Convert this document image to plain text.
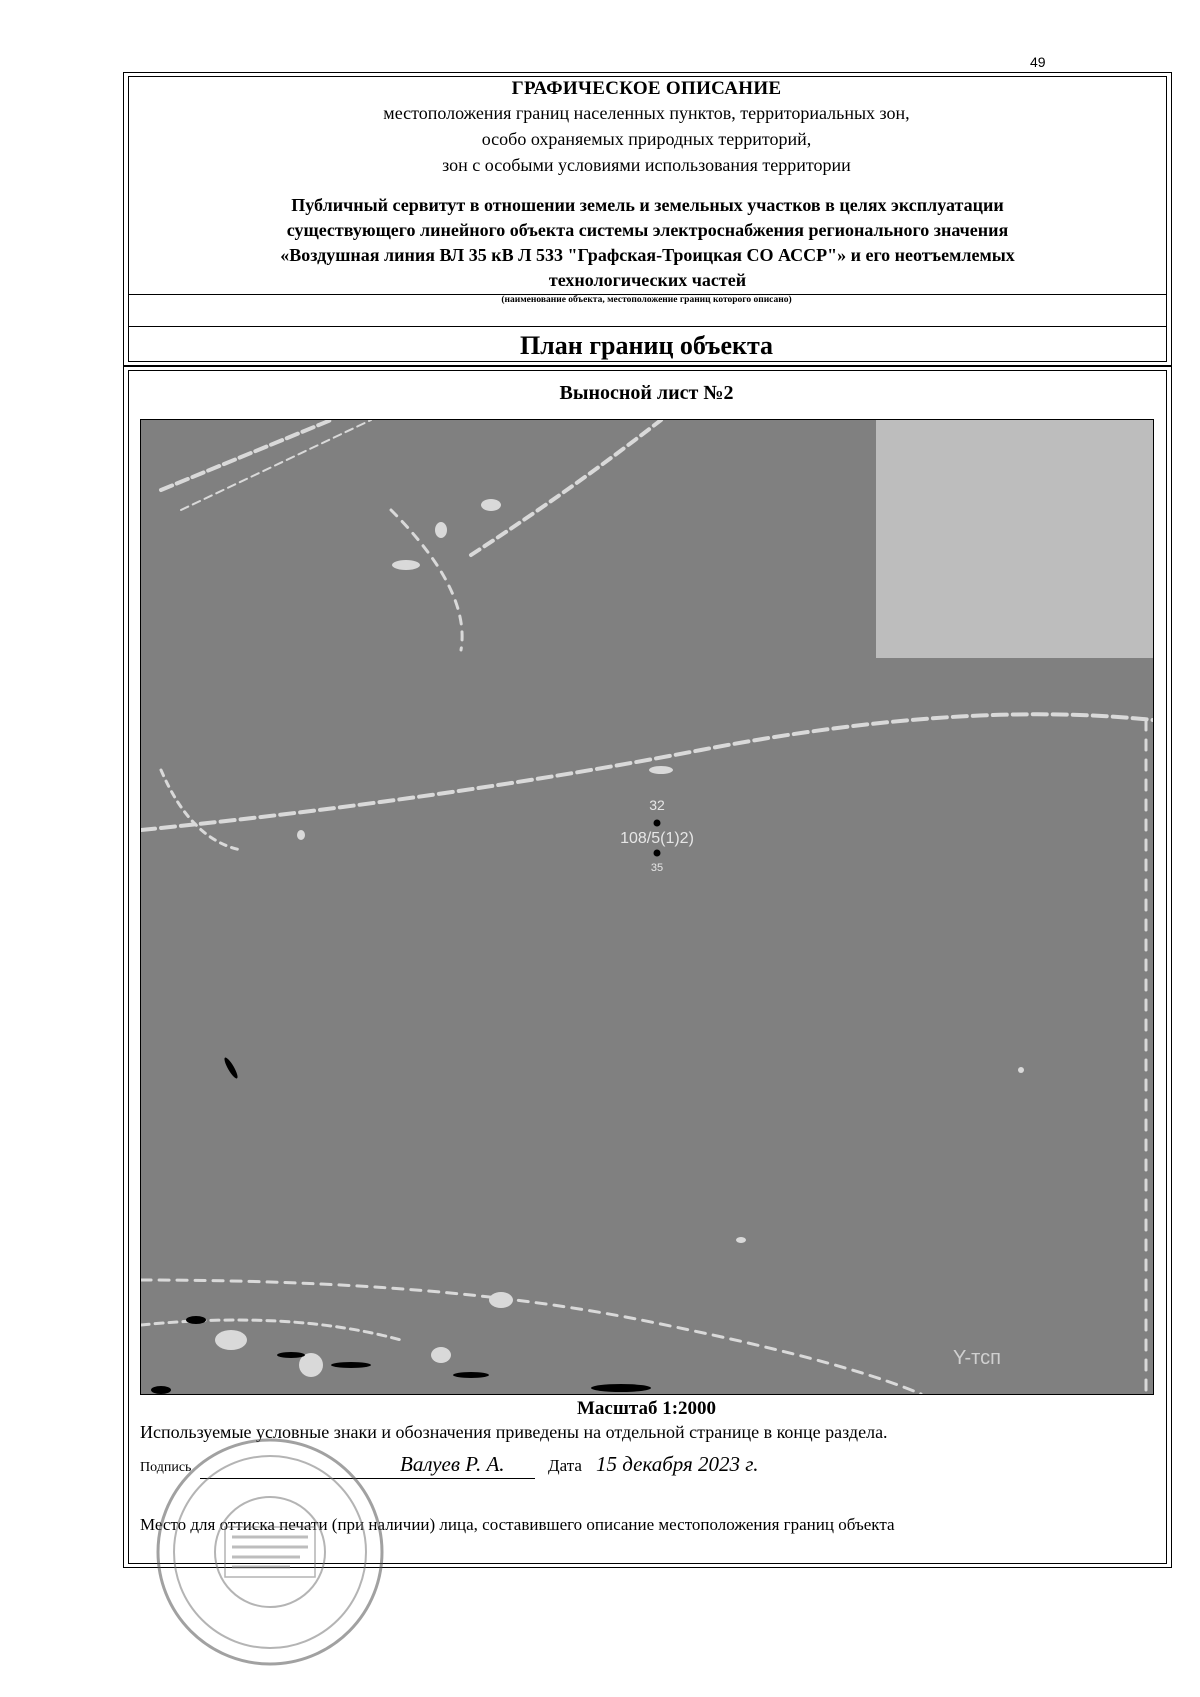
49
ГРАФИЧЕСКОЕ ОПИСАНИЕ
местоположения границ населенных пунктов, территориальных зон,
особо охраняемых природных территорий,
зон с особыми условиями использования территории
Публичный сервитут в отношении земель и земельных участков в целях эксплуатации
существующего линейного объекта системы электроснабжения регионального значения
«Воздушная линия ВЛ 35 кВ Л 533 "Графская-Троицкая СО АССР"» и его неотъемлемых
технологических частей
(наименование объекта, местоположение границ которого описано)
План границ объекта
Выносной лист №2
32
108/5(1)2)
35
Y-тсп
Масштаб 1:2000
Используемые условные знаки и обозначения приведены на отдельной странице в конце раздела.
Подпись	Валуев Р. А.	Дата 15 декабря 2023 г.
Место для оттиска печати (при наличии) лица, составившего описание местоположения границ объекта
